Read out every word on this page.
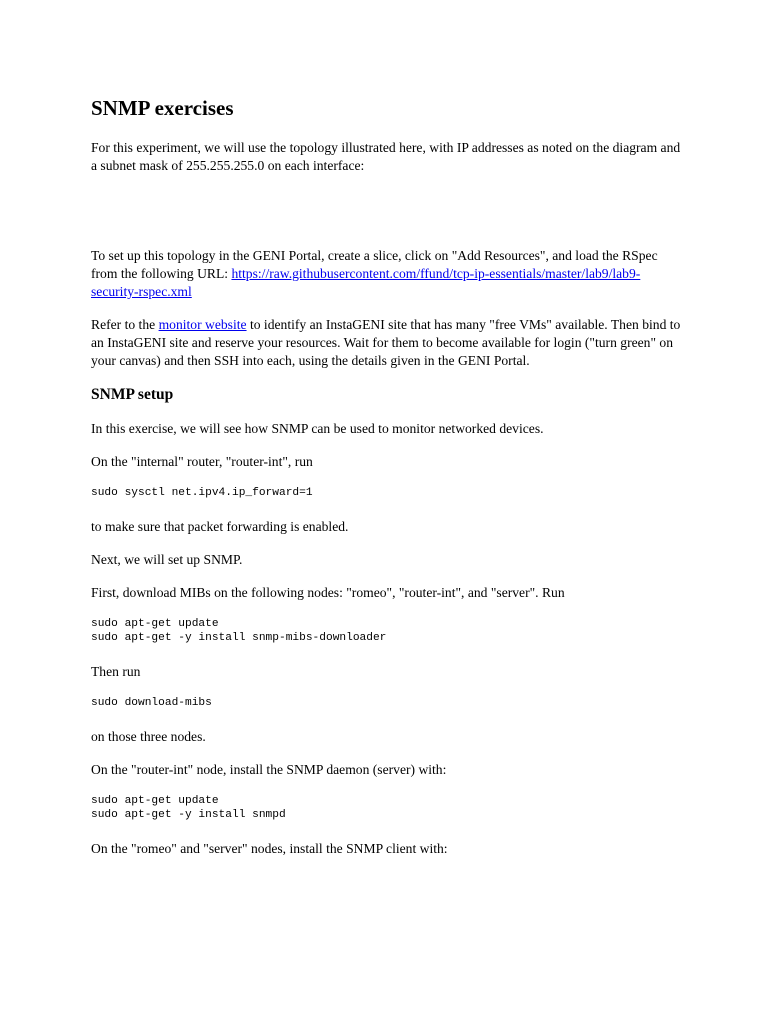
SNMP exercises

For this experiment, we will use the topology illustrated here, with IP addresses as noted on the diagram and a subnet mask of 255.255.255.0 on each interface:

To set up this topology in the GENI Portal, create a slice, click on "Add Resources", and load the RSpec from the following URL: https://raw.githubusercontent.com/ffund/tcp-ip-essentials/master/lab9/lab9-security-rspec.xml

Refer to the monitor website to identify an InstaGENI site that has many "free VMs" available. Then bind to an InstaGENI site and reserve your resources. Wait for them to become available for login ("turn green" on your canvas) and then SSH into each, using the details given in the GENI Portal.

SNMP setup

In this exercise, we will see how SNMP can be used to monitor networked devices.

On the "internal" router, "router-int", run

sudo sysctl net.ipv4.ip_forward=1

to make sure that packet forwarding is enabled.

Next, we will set up SNMP.

First, download MIBs on the following nodes: "romeo", "router-int", and "server". Run

sudo apt-get update
sudo apt-get -y install snmp-mibs-downloader

Then run

sudo download-mibs

on those three nodes.

On the "router-int" node, install the SNMP daemon (server) with:

sudo apt-get update
sudo apt-get -y install snmpd

On the "romeo" and "server" nodes, install the SNMP client with:
